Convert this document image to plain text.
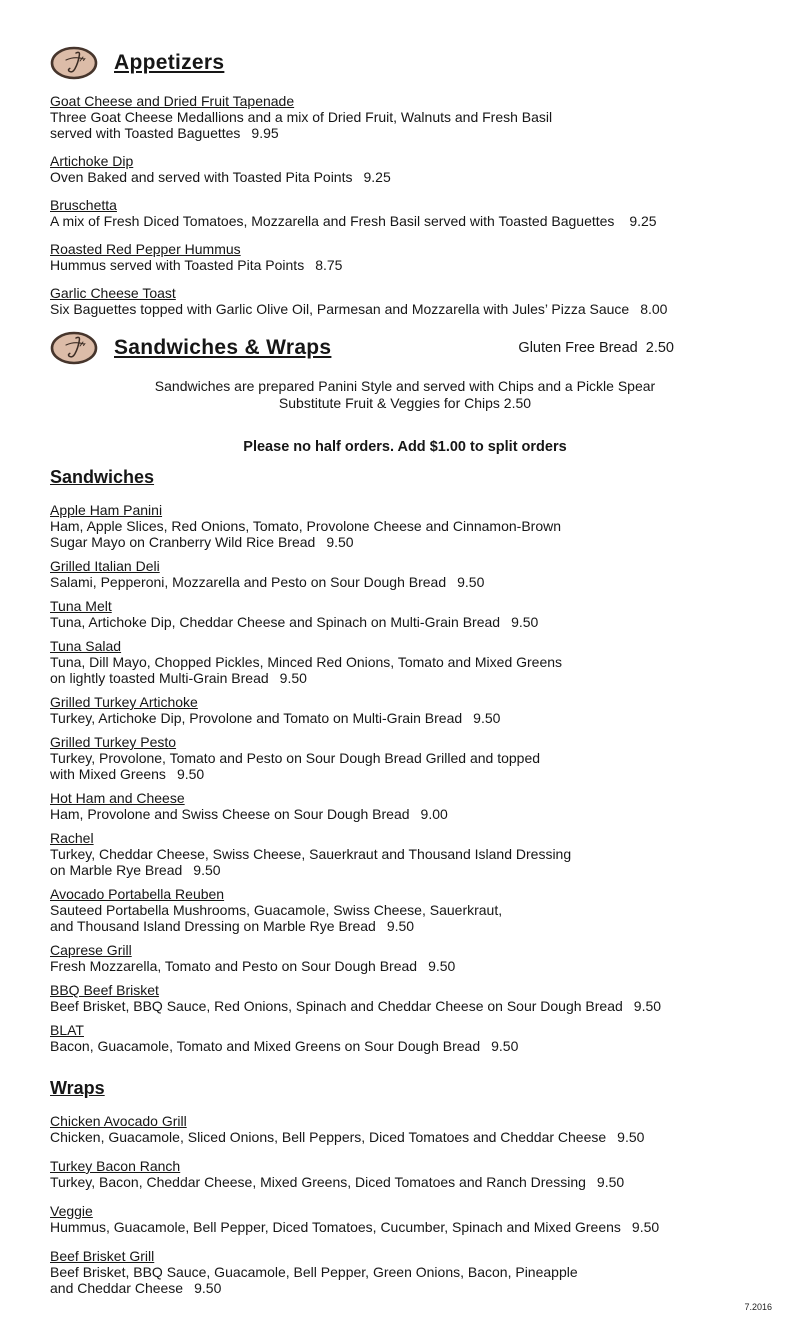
Appetizers
Goat Cheese and Dried Fruit Tapenade
Three Goat Cheese Medallions and a mix of Dried Fruit, Walnuts and Fresh Basil
served with Toasted Baguettes 9.95
Artichoke Dip
Oven Baked and served with Toasted Pita Points 9.25
Bruschetta
A mix of Fresh Diced Tomatoes, Mozzarella and Fresh Basil served with Toasted Baguettes 9.25
Roasted Red Pepper Hummus
Hummus served with Toasted Pita Points 8.75
Garlic Cheese Toast
Six Baguettes topped with Garlic Olive Oil, Parmesan and Mozzarella with Jules’ Pizza Sauce 8.00
Sandwiches & Wraps	Gluten Free Bread  2.50
Sandwiches are prepared Panini Style and served with Chips and a Pickle Spear
Substitute Fruit & Veggies for Chips 2.50
Please no half orders. Add $1.00 to split orders
Sandwiches
Apple Ham Panini
Ham, Apple Slices, Red Onions, Tomato, Provolone Cheese and Cinnamon-Brown
Sugar Mayo on Cranberry Wild Rice Bread 9.50
Grilled Italian Deli
Salami, Pepperoni, Mozzarella and Pesto on Sour Dough Bread 9.50
Tuna Melt
Tuna, Artichoke Dip, Cheddar Cheese and Spinach on Multi-Grain Bread 9.50
Tuna Salad
Tuna, Dill Mayo, Chopped Pickles, Minced Red Onions, Tomato and Mixed Greens
on lightly toasted Multi-Grain Bread 9.50
Grilled Turkey Artichoke
Turkey, Artichoke Dip, Provolone and Tomato on Multi-Grain Bread 9.50
Grilled Turkey Pesto
Turkey, Provolone, Tomato and Pesto on Sour Dough Bread Grilled and topped
with Mixed Greens 9.50
Hot Ham and Cheese
Ham, Provolone and Swiss Cheese on Sour Dough Bread 9.00
Rachel
Turkey, Cheddar Cheese, Swiss Cheese, Sauerkraut and Thousand Island Dressing
on Marble Rye Bread 9.50
Avocado Portabella Reuben
Sauteed Portabella Mushrooms, Guacamole, Swiss Cheese, Sauerkraut,
and Thousand Island Dressing on Marble Rye Bread 9.50
Caprese Grill
Fresh Mozzarella, Tomato and Pesto on Sour Dough Bread 9.50
BBQ Beef Brisket
Beef Brisket, BBQ Sauce, Red Onions, Spinach and Cheddar Cheese on Sour Dough Bread 9.50
BLAT
Bacon, Guacamole, Tomato and Mixed Greens on Sour Dough Bread 9.50
Wraps
Chicken Avocado Grill
Chicken, Guacamole, Sliced Onions, Bell Peppers, Diced Tomatoes and Cheddar Cheese 9.50
Turkey Bacon Ranch
Turkey, Bacon, Cheddar Cheese, Mixed Greens, Diced Tomatoes and Ranch Dressing 9.50
Veggie
Hummus, Guacamole, Bell Pepper, Diced Tomatoes, Cucumber, Spinach and Mixed Greens 9.50
Beef Brisket Grill
Beef Brisket, BBQ Sauce, Guacamole, Bell Pepper, Green Onions, Bacon, Pineapple
and Cheddar Cheese 9.50
7.2016
